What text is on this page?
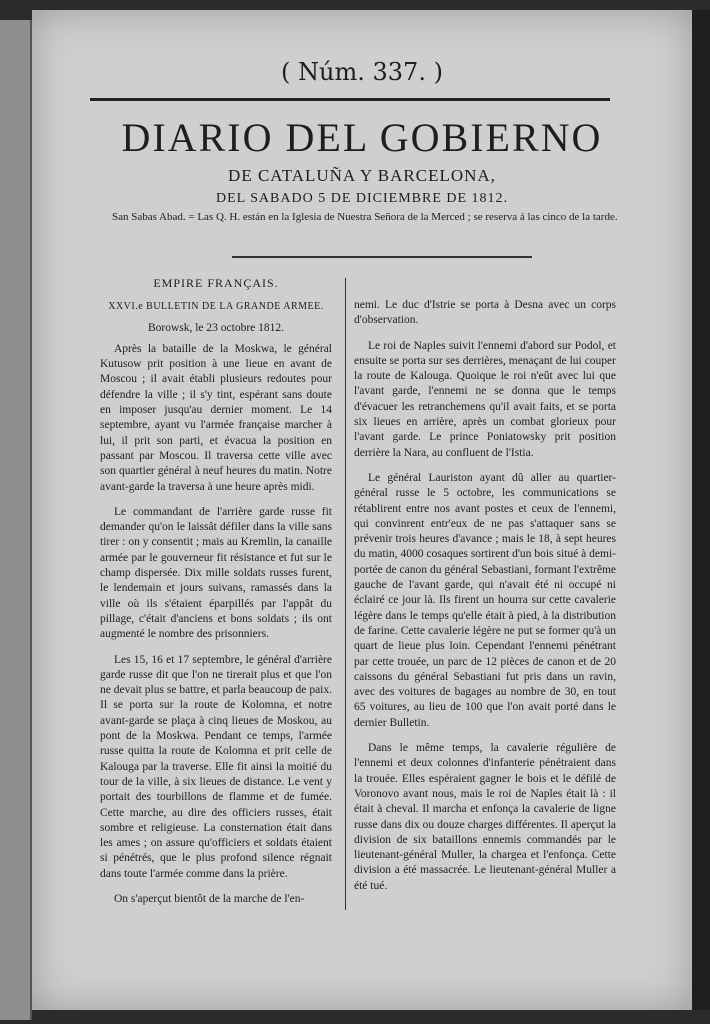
( Núm. 337. )
DIARIO DEL GOBIERNO
DE CATALUÑA Y BARCELONA,
DEL SABADO 5 DE DICIEMBRE DE 1812.
San Sabas Abad. = Las Q. H. están en la Iglesia de Nuestra Señora de la Merced ; se reserva á las cinco de la tarde.
EMPIRE FRANÇAIS.
XXVI.e BULLETIN DE LA GRANDE ARMEE.
Borowsk, le 23 octobre 1812.

Après la bataille de la Moskwa, le général Kutusow prit position à une lieue en avant de Moscou ; il avait établi plusieurs redoutes pour défendre la ville ; il s'y tint, espérant sans doute en imposer jusqu'au dernier moment. Le 14 septembre, ayant vu l'armée française marcher à lui, il prit son parti, et évacua la position en passant par Moscou. Il traversa cette ville avec son quartier général à neuf heures du matin. Notre avant-garde la traversa à une heure après midi.

Le commandant de l'arrière garde russe fit demander qu'on le laissât défiler dans la ville sans tirer : on y consentit ; mais au Kremlin, la canaille armée par le gouverneur fit résistance et fut sur le champ dispersée. Dix mille soldats russes furent, le lendemain et jours suivans, ramassés dans la ville où ils s'étaient éparpillés par l'appât du pillage, c'était d'anciens et bons soldats ; ils ont augmenté le nombre des prisonniers.

Les 15, 16 et 17 septembre, le général d'arrière garde russe dit que l'on ne tirerait plus et que l'on ne devait plus se battre, et parla beaucoup de paix. Il se porta sur la route de Kolomna, et notre avant-garde se plaça à cinq lieues de Moskou, au pont de la Moskwa. Pendant ce temps, l'armée russe quitta la route de Kolomna et prit celle de Kalouga par la traverse. Elle fit ainsi la moitié du tour de la ville, à six lieues de distance. Le vent y portait des tourbillons de flamme et de fumée. Cette marche, au dire des officiers russes, était sombre et religieuse. La consternation était dans les ames ; on assure qu'officiers et soldats étaient si pénétrés, que le plus profond silence régnait dans toute l'armée comme dans la prière.

On s'aperçut bientôt de la marche de l'en-

nemi. Le duc d'Istrie se porta à Desna avec un corps d'observation.

Le roi de Naples suivit l'ennemi d'abord sur Podol, et ensuite se porta sur ses derrières, menaçant de lui couper la route de Kalouga. Quoique le roi n'eût avec lui que l'avant garde, l'ennemi ne se donna que le temps d'évacuer les retranchemens qu'il avait faits, et se porta six lieues en arrière, après un combat glorieux pour l'avant garde. Le prince Poniatowsky prit position derrière la Nara, au confluent de l'Istia.

Le général Lauriston ayant dû aller au quartier-général russe le 5 octobre, les communications se rétablirent entre nos avant postes et ceux de l'ennemi, qui convinrent entr'eux de ne pas s'attaquer sans se prévenir trois heures d'avance ; mais le 18, à sept heures du matin, 4000 cosaques sortirent d'un bois situé à demi-portée de canon du général Sebastiani, formant l'extrême gauche de l'avant garde, qui n'avait été ni occupé ni éclairé ce jour là. Ils firent un hourra sur cette cavalerie légère dans le temps qu'elle était à pied, à la distribution de farine. Cette cavalerie légère ne put se former qu'à un quart de lieue plus loin. Cependant l'ennemi pénétrant par cette trouée, un parc de 12 pièces de canon et de 20 caissons du général Sebastiani fut pris dans un ravin, avec des voitures de bagages au nombre de 30, en tout 65 voitures, au lieu de 100 que l'on avait porté dans le dernier Bulletin.

Dans le même temps, la cavalerie régulière de l'ennemi et deux colonnes d'infanterie pénétraient dans la trouée. Elles espéraient gagner le bois et le défilé de Voronovo avant nous, mais le roi de Naples était là : il était à cheval. Il marcha et enfonça la cavalerie de ligne russe dans dix ou douze charges différentes. Il aperçut la division de six bataillons ennemis commandés par le lieutenant-général Muller, la chargea et l'enfonça. Cette division a été massacrée. Le lieutenant-général Muller a été tué.
